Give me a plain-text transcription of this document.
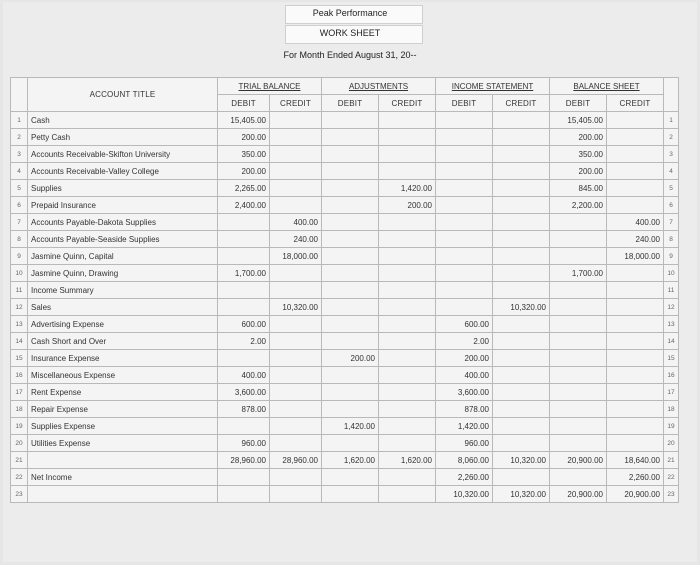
Peak Performance
WORK SHEET
For Month Ended August 31, 20--
	ACCOUNT TITLE	TRIAL BALANCE		ADJUSTMENTS		INCOME STATEMENT		BALANCE SHEET		
		DEBIT	CREDIT	DEBIT	CREDIT	DEBIT	CREDIT	DEBIT	CREDIT	
1	Cash	15,405.00						15,405.00		1
2	Petty Cash	200.00						200.00		2
3	Accounts Receivable-Skifton University	350.00						350.00		3
4	Accounts Receivable-Valley College	200.00						200.00		4
5	Supplies	2,265.00			1,420.00			845.00		5
6	Prepaid Insurance	2,400.00			200.00			2,200.00		6
7	Accounts Payable-Dakota Supplies		400.00						400.00	7
8	Accounts Payable-Seaside Supplies		240.00						240.00	8
9	Jasmine Quinn, Capital		18,000.00						18,000.00	9
10	Jasmine Quinn, Drawing	1,700.00						1,700.00		10
11	Income Summary									11
12	Sales		10,320.00				10,320.00			12
13	Advertising Expense	600.00				600.00				13
14	Cash Short and Over	2.00				2.00				14
15	Insurance Expense			200.00		200.00				15
16	Miscellaneous Expense	400.00				400.00				16
17	Rent Expense	3,600.00				3,600.00				17
18	Repair Expense	878.00				878.00				18
19	Supplies Expense			1,420.00		1,420.00				19
20	Utilities Expense	960.00				960.00				20
21		28,960.00	28,960.00	1,620.00	1,620.00	8,060.00	10,320.00	20,900.00	18,640.00	21
22	Net Income					2,260.00			2,260.00	22
23						10,320.00	10,320.00	20,900.00	20,900.00	23
